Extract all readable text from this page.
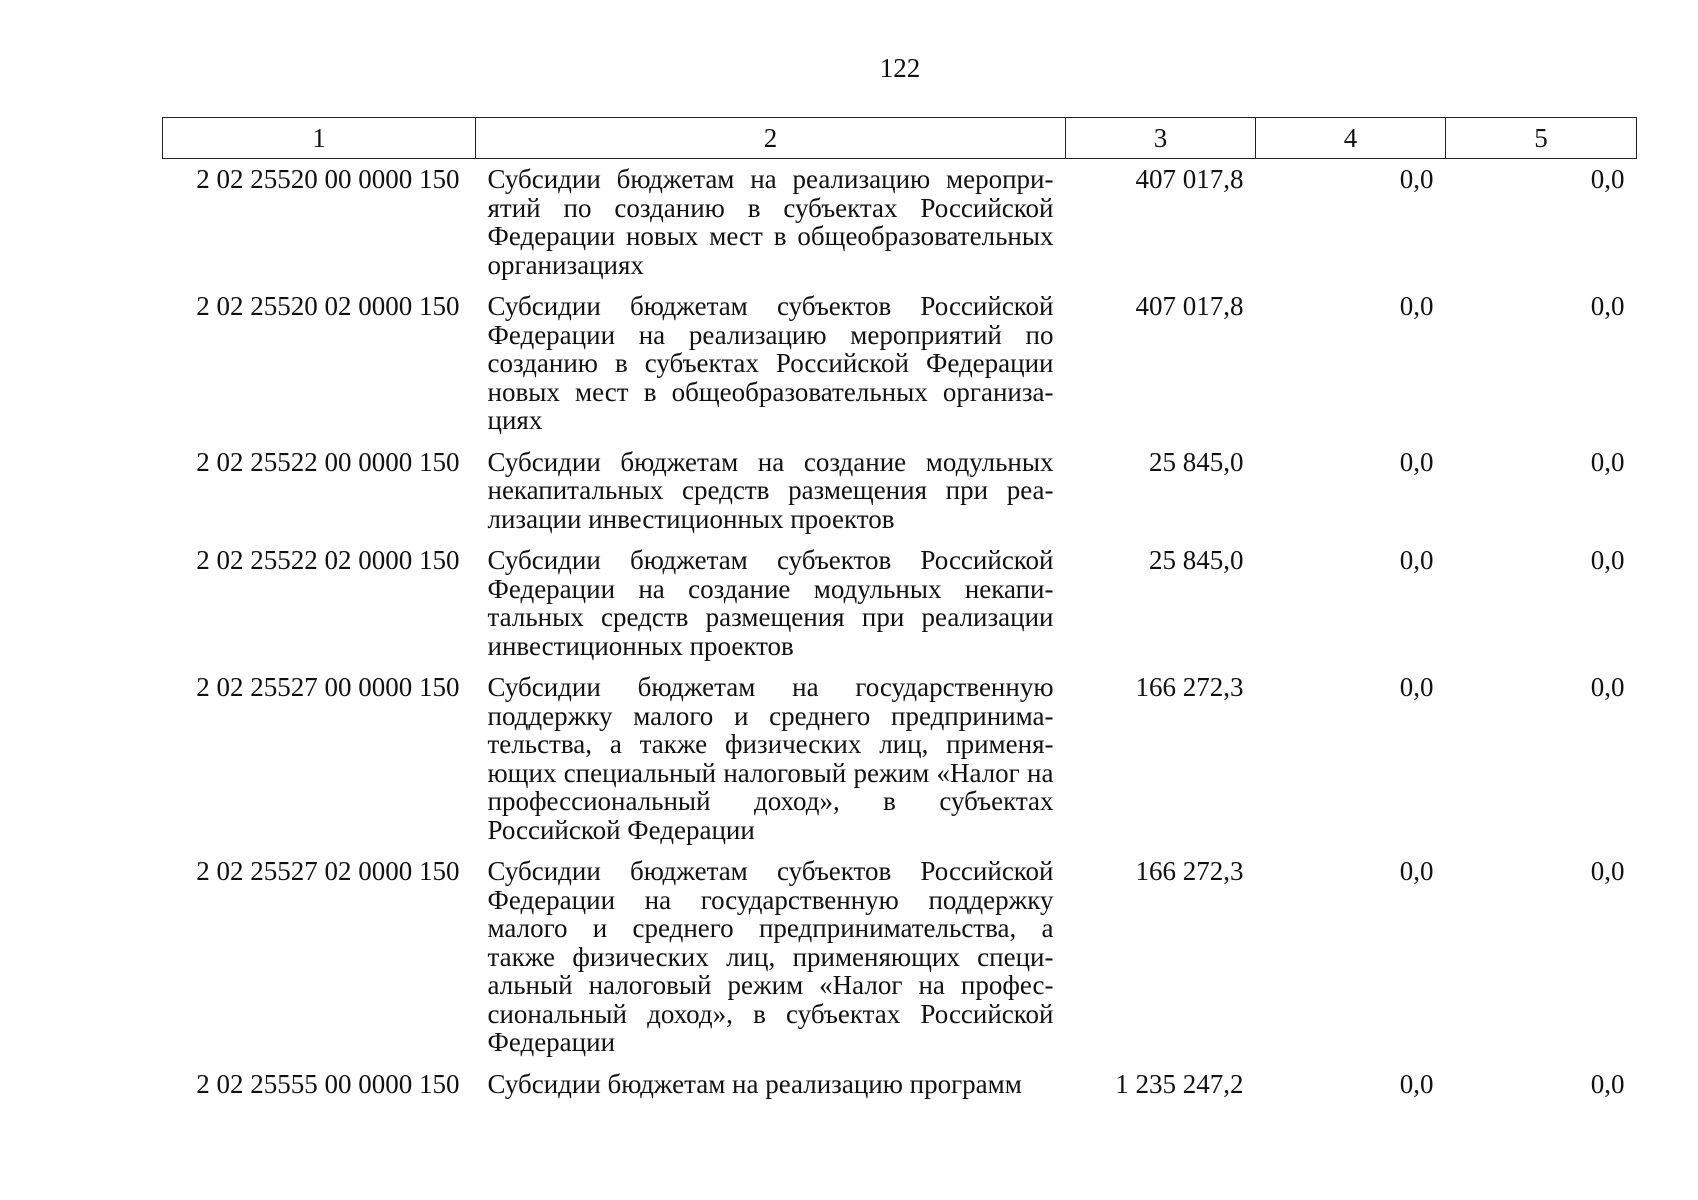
122
1	2	3	4	5
2 02 25520 00 0000 150	Субсидии бюджетам на реализацию мероприятий по созданию в субъектах Российской Федерации новых мест в общеобразовательных организациях	407 017,8	0,0	0,0
2 02 25520 02 0000 150	Субсидии бюджетам субъектов Российской Федерации на реализацию мероприятий по созданию в субъектах Российской Федерации новых мест в общеобразовательных организациях	407 017,8	0,0	0,0
2 02 25522 00 0000 150	Субсидии бюджетам на создание модульных некапитальных средств размещения при реализации инвестиционных проектов	25 845,0	0,0	0,0
2 02 25522 02 0000 150	Субсидии бюджетам субъектов Российской Федерации на создание модульных некапитальных средств размещения при реализации инвестиционных проектов	25 845,0	0,0	0,0
2 02 25527 00 0000 150	Субсидии бюджетам на государственную поддержку малого и среднего предпринимательства, а также физических лиц, применяющих специальный налоговый режим «Налог на профессиональный доход», в субъектах Российской Федерации	166 272,3	0,0	0,0
2 02 25527 02 0000 150	Субсидии бюджетам субъектов Российской Федерации на государственную поддержку малого и среднего предпринимательства, а также физических лиц, применяющих специальный налоговый режим «Налог на профессиональный доход», в субъектах Российской Федерации	166 272,3	0,0	0,0
2 02 25555 00 0000 150	Субсидии бюджетам на реализацию программ	1 235 247,2	0,0	0,0
